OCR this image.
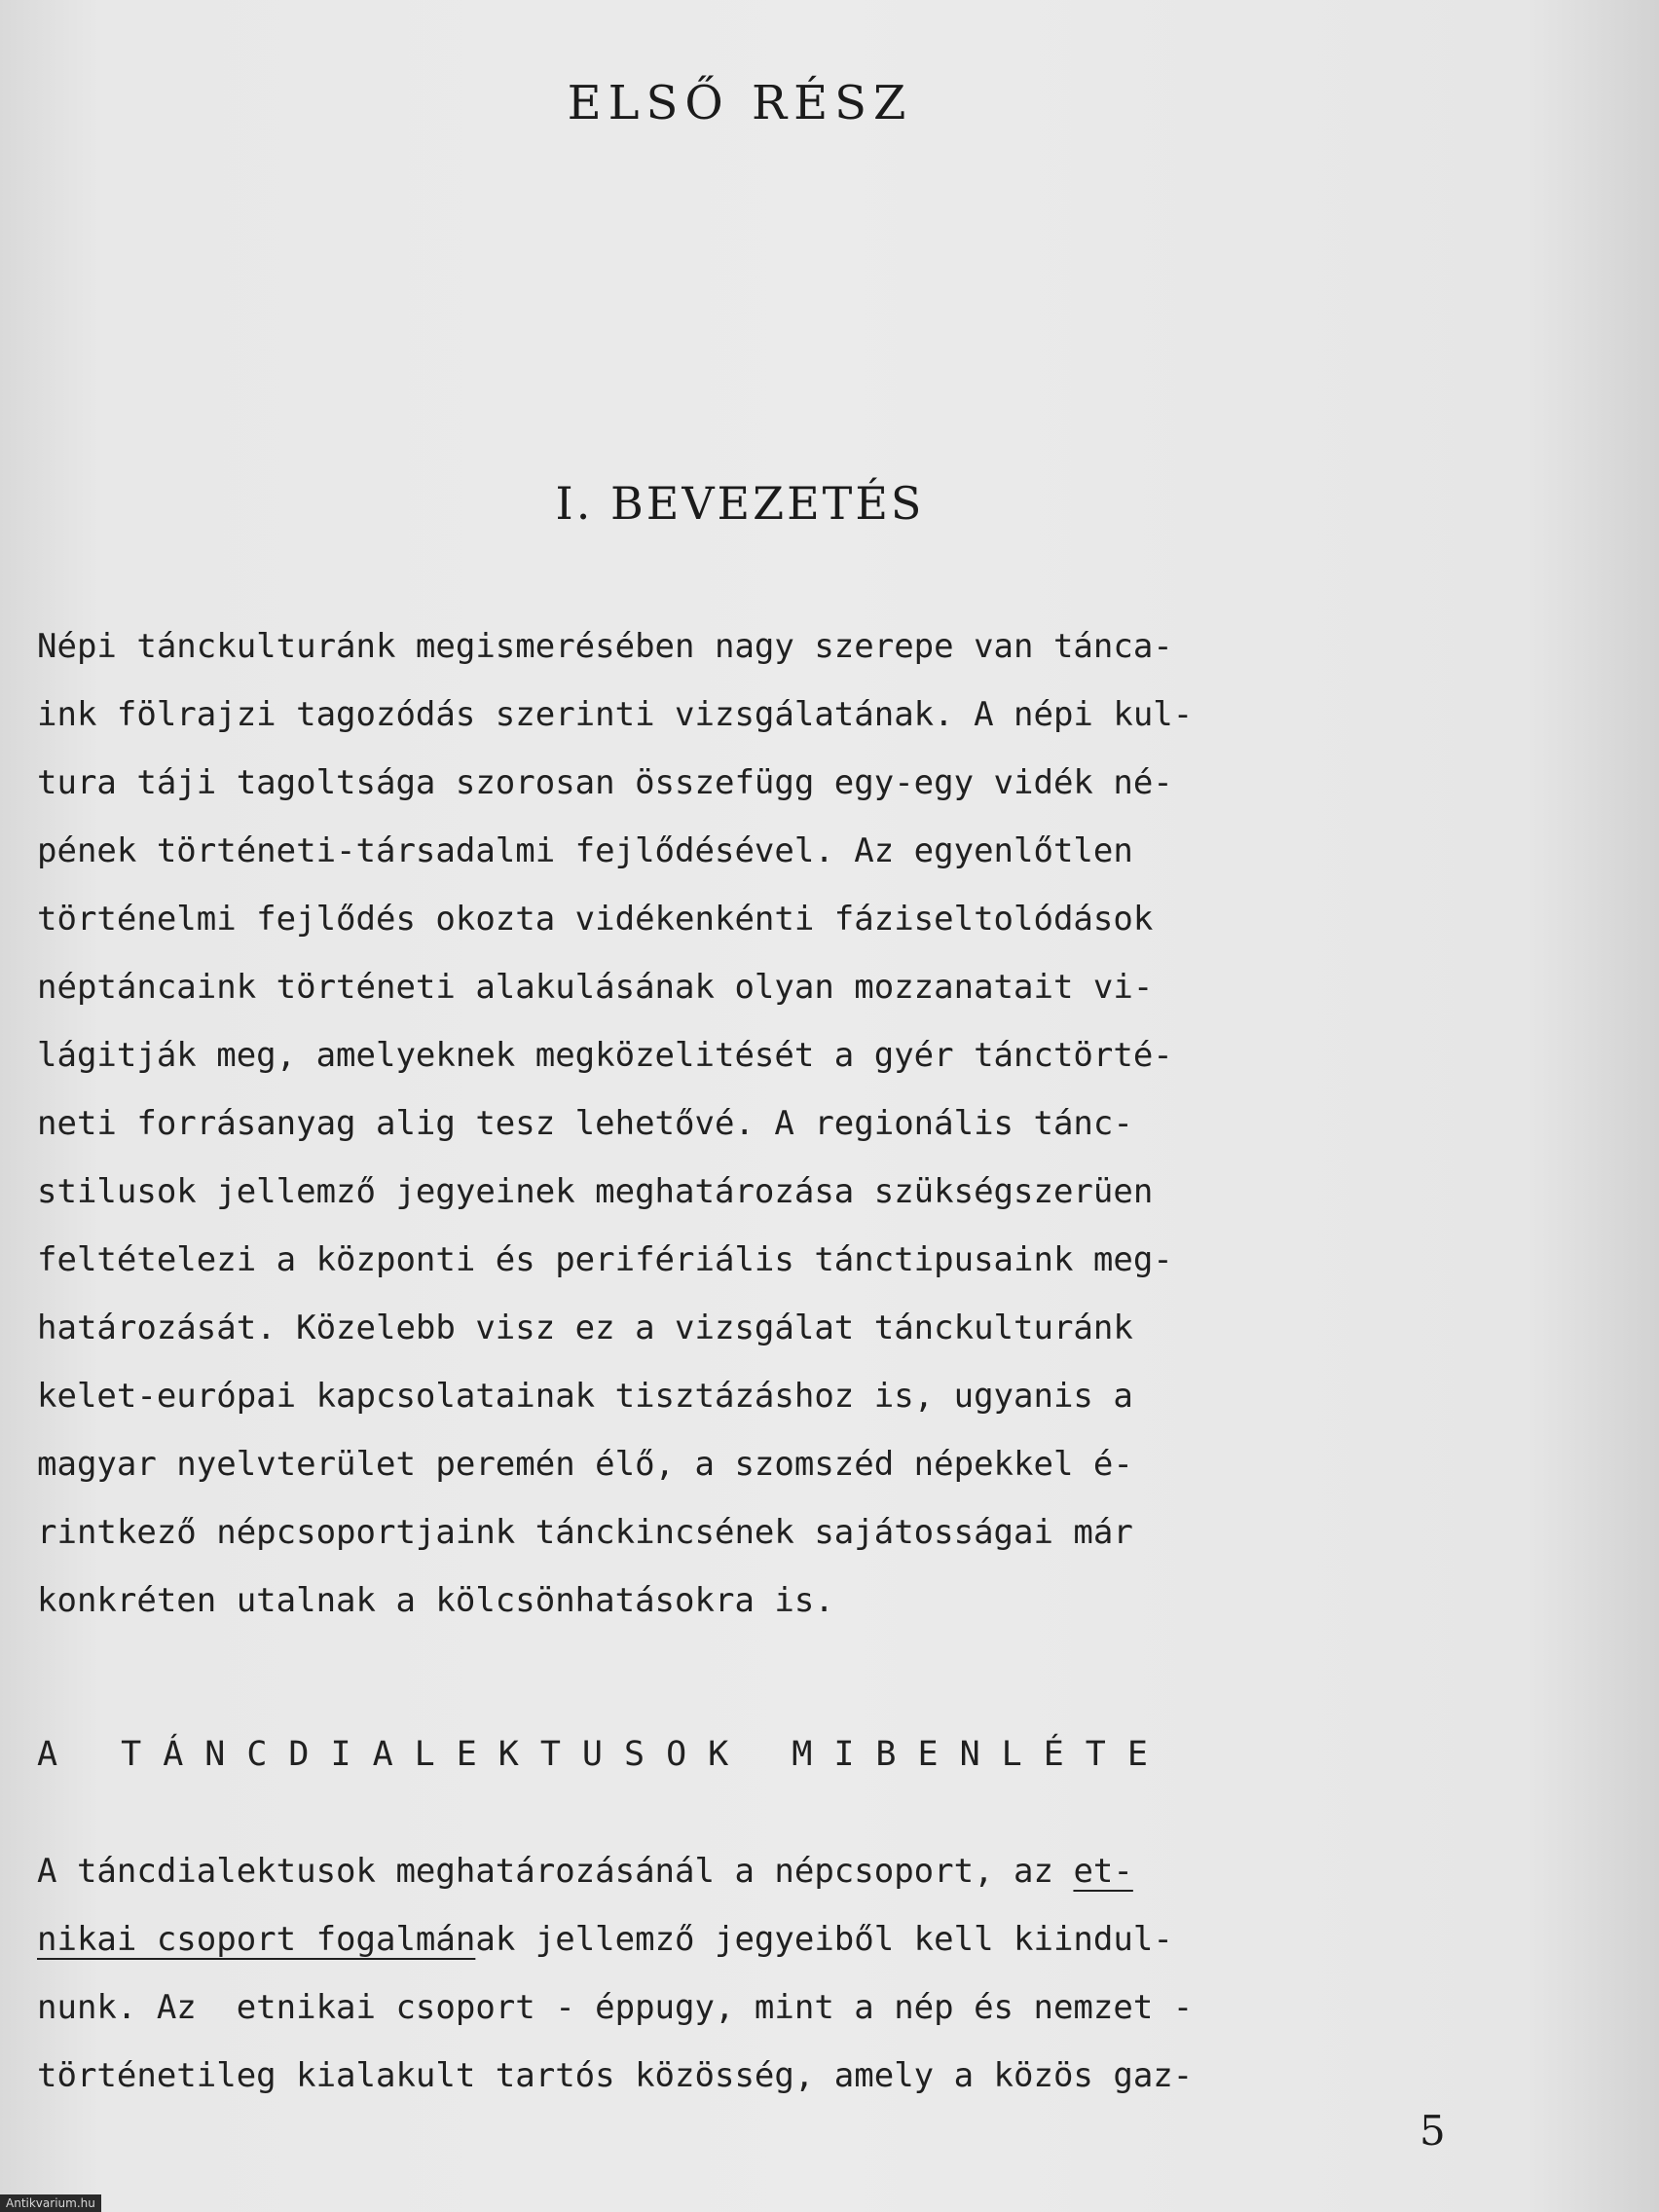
ELSŐ RÉSZ
I. BEVEZETÉS
Népi tánckulturánk megismerésében nagy szerepe van tánca-
ink fölrajzi tagozódás szerinti vizsgálatának. A népi kul-
tura táji tagoltsága szorosan összefügg egy-egy vidék né-
pének történeti-társadalmi fejlődésével. Az egyenlőtlen
történelmi fejlődés okozta vidékenkénti fáziseltolódások
néptáncaink történeti alakulásának olyan mozzanatait vi-
lágitják meg, amelyeknek megközelitését a gyér tánctörté-
neti forrásanyag alig tesz lehetővé. A regionális tánc-
stilusok jellemző jegyeinek meghatározása szükségszerüen
feltételezi a központi és perifériális tánctipusaink meg-
határozását. Közelebb visz ez a vizsgálat tánckulturánk
kelet-európai kapcsolatainak tisztázáshoz is, ugyanis a
magyar nyelvterület peremén élő, a szomszéd népekkel é-
rintkező népcsoportjaink tánckincsének sajátosságai már
konkréten utalnak a kölcsönhatásokra is.
A TÁNCDIALEKTUSOK MIBENLÉTE
A táncdialektusok meghatározásánál a népcsoport, az et-
nikai csoport fogalmának jellemző jegyeiből kell kiindul-
nunk. Az  etnikai csoport - éppugy, mint a nép és nemzet -
történetileg kialakult tartós közösség, amely a közös gaz-
5
Antikvarium.hu
